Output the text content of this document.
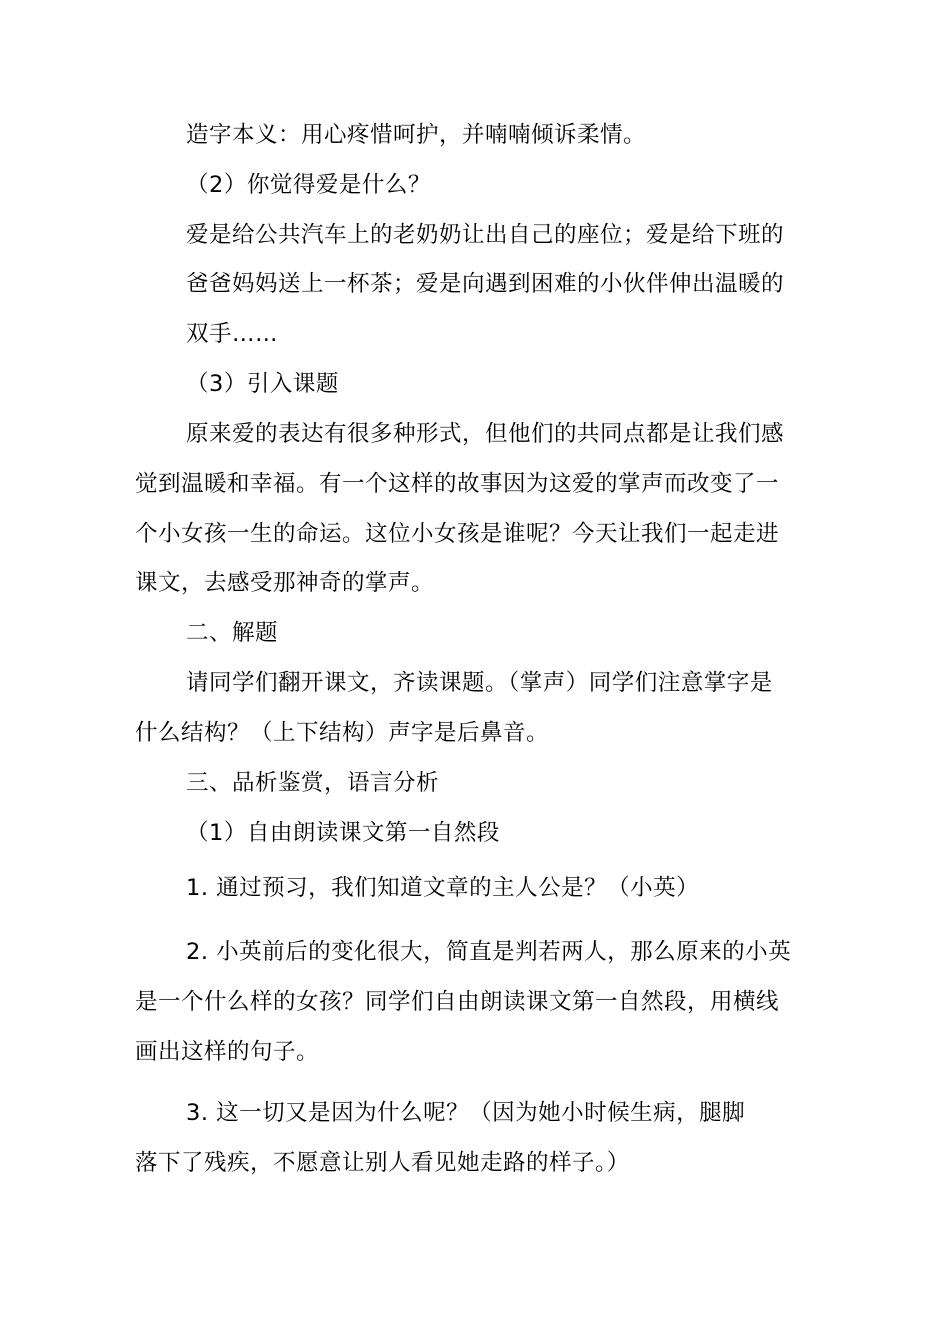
造字本义：用心疼惜呵护，并喃喃倾诉柔情。
（2）你觉得爱是什么？
爱是给公共汽车上的老奶奶让出自己的座位；爱是给下班的
爸爸妈妈送上一杯茶；爱是向遇到困难的小伙伴伸出温暖的
双手……
（3）引入课题
原来爱的表达有很多种形式，但他们的共同点都是让我们感
觉到温暖和幸福。有一个这样的故事因为这爱的掌声而改变了一
个小女孩一生的命运。这位小女孩是谁呢？今天让我们一起走进
课文，去感受那神奇的掌声。
二、解题
请同学们翻开课文，齐读课题。（掌声）同学们注意掌字是
什么结构？（上下结构）声字是后鼻音。
三、品析鉴赏，语言分析
（1）自由朗读课文第一自然段
1. 通过预习，我们知道文章的主人公是？（小英）
2. 小英前后的变化很大，简直是判若两人，那么原来的小英
是一个什么样的女孩？同学们自由朗读课文第一自然段，用横线
画出这样的句子。
3. 这一切又是因为什么呢？（因为她小时候生病，腿脚
落下了残疾，不愿意让别人看见她走路的样子。）
